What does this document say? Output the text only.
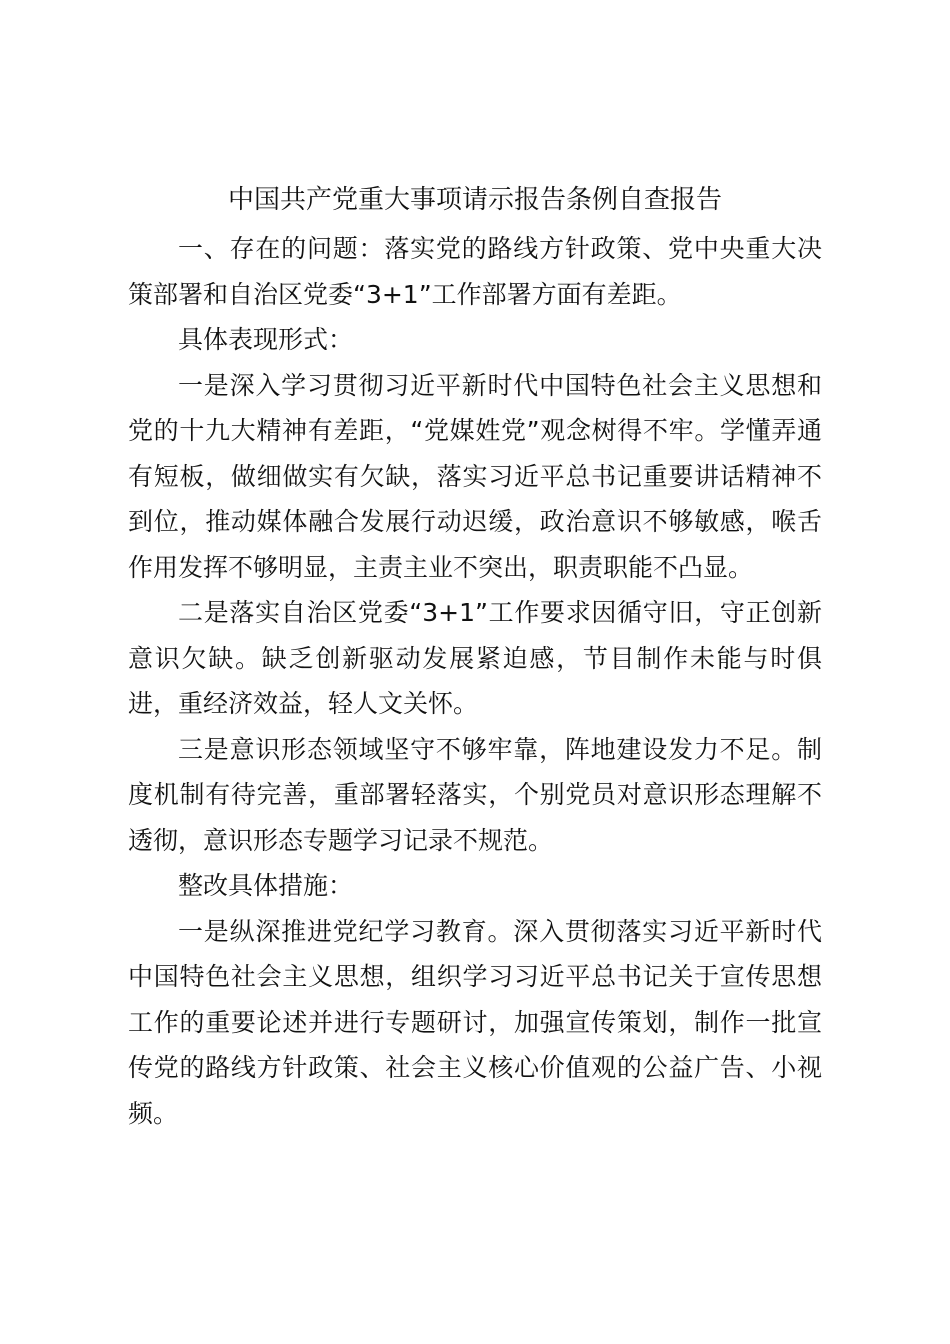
中国共产党重大事项请示报告条例自查报告

一、存在的问题：落实党的路线方针政策、党中央重大决策部署和自治区党委“3+1”工作部署方面有差距。

具体表现形式：

一是深入学习贯彻习近平新时代中国特色社会主义思想和党的十九大精神有差距，“党媒姓党”观念树得不牢。学懂弄通有短板，做细做实有欠缺，落实习近平总书记重要讲话精神不到位，推动媒体融合发展行动迟缓，政治意识不够敏感，喉舌作用发挥不够明显，主责主业不突出，职责职能不凸显。

二是落实自治区党委“3+1”工作要求因循守旧，守正创新意识欠缺。缺乏创新驱动发展紧迫感，节目制作未能与时俱进，重经济效益，轻人文关怀。

三是意识形态领域坚守不够牢靠，阵地建设发力不足。制度机制有待完善，重部署轻落实，个别党员对意识形态理解不透彻，意识形态专题学习记录不规范。

整改具体措施：

一是纵深推进党纪学习教育。深入贯彻落实习近平新时代中国特色社会主义思想，组织学习习近平总书记关于宣传思想工作的重要论述并进行专题研讨，加强宣传策划，制作一批宣传党的路线方针政策、社会主义核心价值观的公益广告、小视频。
